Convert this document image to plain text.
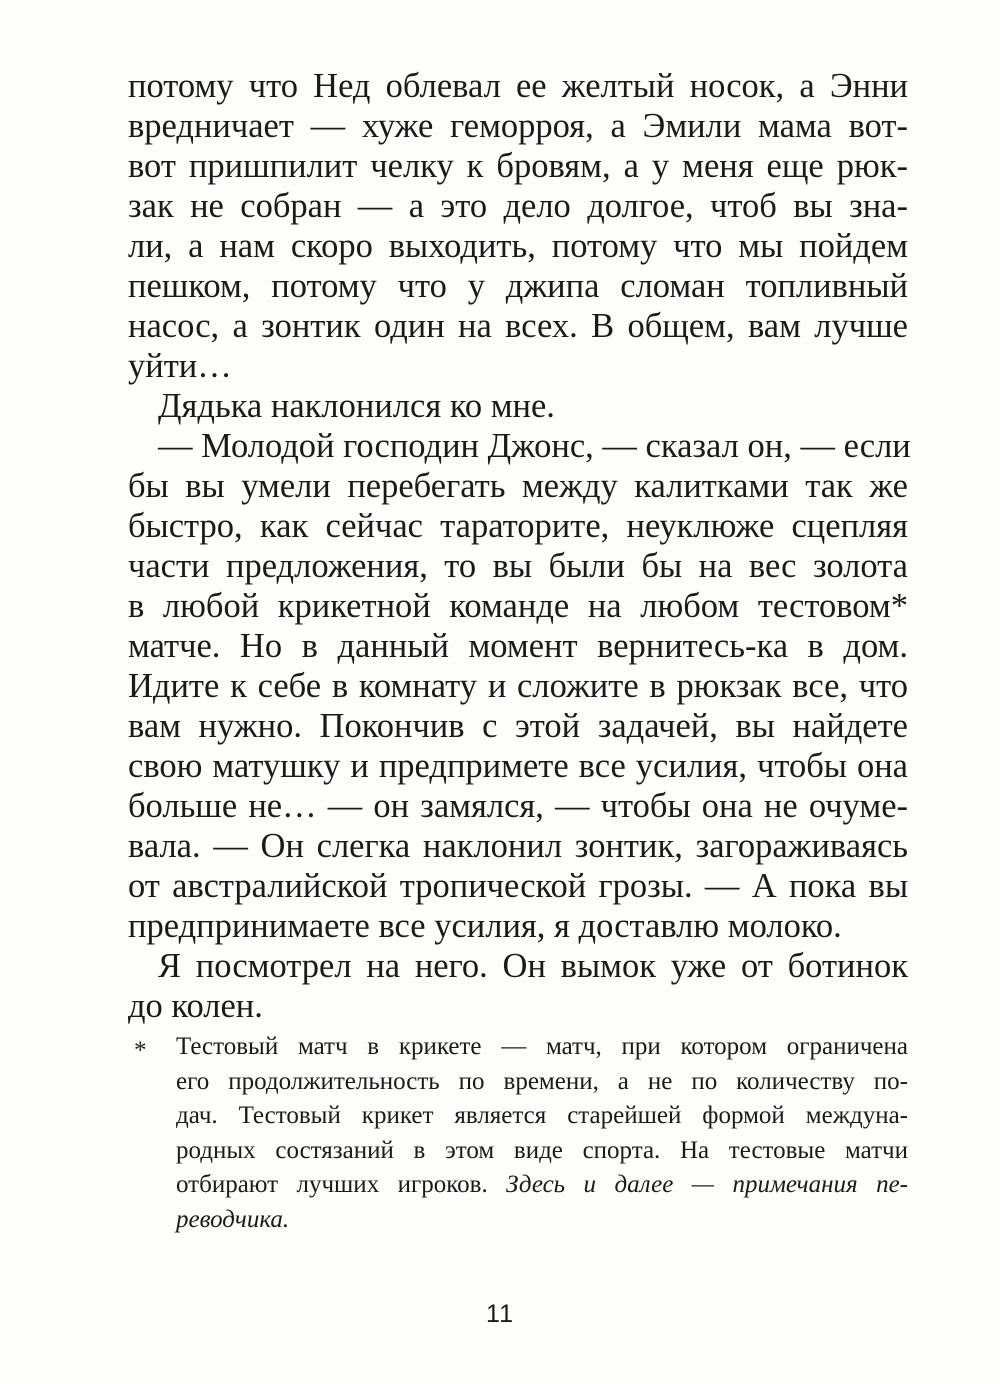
потому что Нед облевал ее желтый носок, а Энни
вредничает — хуже геморроя, а Эмили мама вот-
вот пришпилит челку к бровям, а у меня еще рюк-
зак не собран — а это дело долгое, чтоб вы зна-
ли, а нам скоро выходить, потому что мы пойдем
пешком, потому что у джипа сломан топливный
насос, а зонтик один на всех. В общем, вам лучше
уйти…
Дядька наклонился ко мне.
— Молодой господин Джонс, — сказал он, — если
бы вы умели перебегать между калитками так же
быстро, как сейчас тараторите, неуклюже сцепляя
части предложения, то вы были бы на вес золота
в любой крикетной команде на любом тестовом*
матче. Но в данный момент вернитесь-ка в дом.
Идите к себе в комнату и сложите в рюкзак все, что
вам нужно. Покончив с этой задачей, вы найдете
свою матушку и предпримете все усилия, чтобы она
больше не… — он замялся, — чтобы она не очуме-
вала. — Он слегка наклонил зонтик, загораживаясь
от австралийской тропической грозы. — А пока вы
предпринимаете все усилия, я доставлю молоко.
Я посмотрел на него. Он вымок уже от ботинок
до колен.
*	Тестовый матч в крикете — матч, при котором ограничена
его продолжительность по времени, а не по количеству по-
дач. Тестовый крикет является старейшей формой междуна-
родных состязаний в этом виде спорта. На тестовые матчи
отбирают лучших игроков. Здесь и далее — примечания пе-
реводчика.
11
